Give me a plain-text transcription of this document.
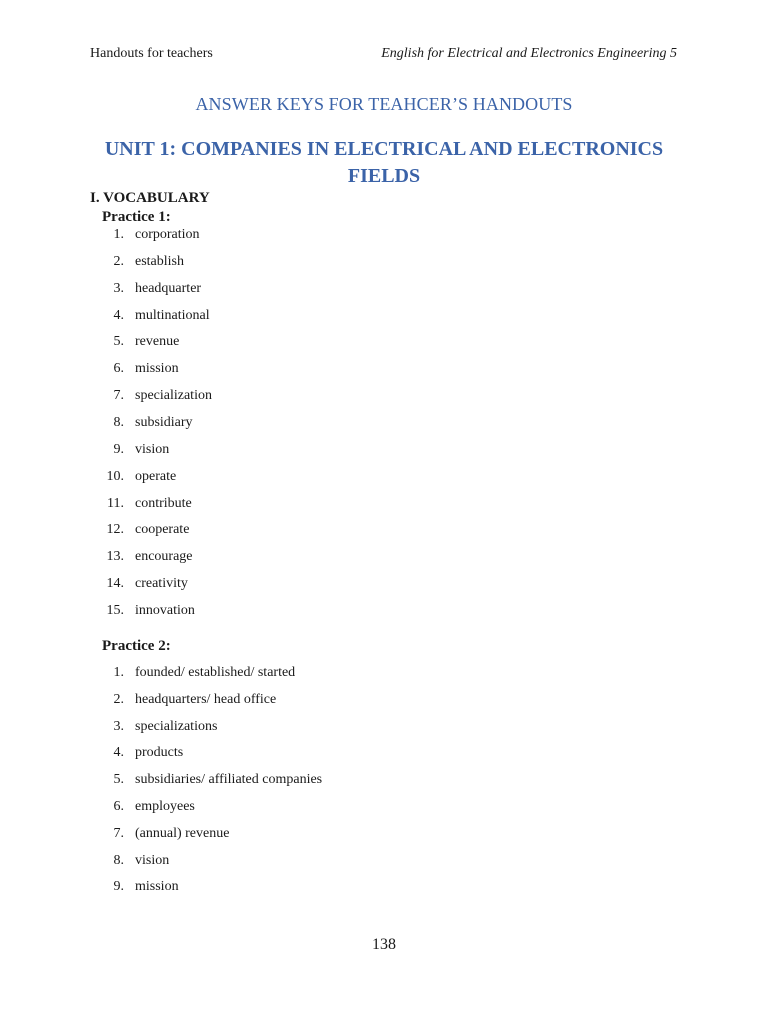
Handouts for teachers	English for Electrical and Electronics Engineering 5
ANSWER KEYS FOR TEAHCER’S HANDOUTS
UNIT 1: COMPANIES IN ELECTRICAL AND ELECTRONICS
FIELDS
I. VOCABULARY
Practice 1:
1. corporation
2. establish
3. headquarter
4. multinational
5. revenue
6. mission
7. specialization
8. subsidiary
9. vision
10. operate
11. contribute
12. cooperate
13. encourage
14. creativity
15. innovation
Practice 2:
1. founded/ established/ started
2. headquarters/ head office
3. specializations
4. products
5. subsidiaries/ affiliated companies
6. employees
7. (annual) revenue
8. vision
9. mission
138
